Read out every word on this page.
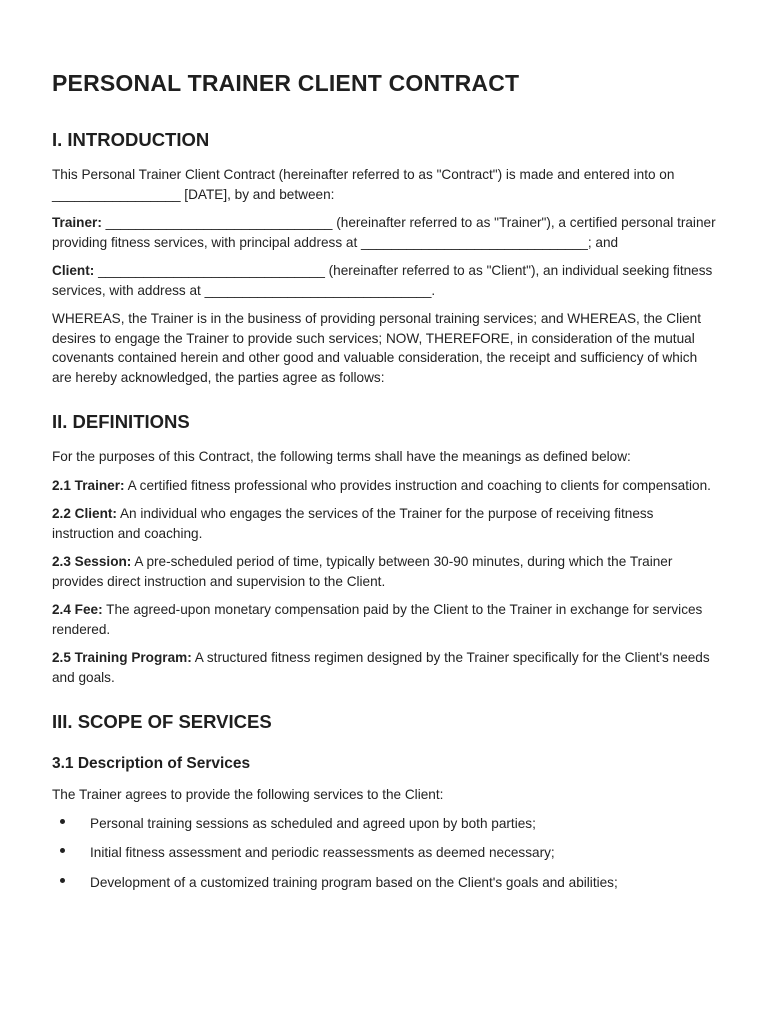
PERSONAL TRAINER CLIENT CONTRACT
I. INTRODUCTION

This Personal Trainer Client Contract (hereinafter referred to as "Contract") is made and entered into on _________________ [DATE], by and between:

Trainer: ______________________________ (hereinafter referred to as "Trainer"), a certified personal trainer providing fitness services, with principal address at ______________________________; and

Client: ______________________________ (hereinafter referred to as "Client"), an individual seeking fitness services, with address at ______________________________.

WHEREAS, the Trainer is in the business of providing personal training services; and WHEREAS, the Client desires to engage the Trainer to provide such services; NOW, THEREFORE, in consideration of the mutual covenants contained herein and other good and valuable consideration, the receipt and sufficiency of which are hereby acknowledged, the parties agree as follows:

II. DEFINITIONS

For the purposes of this Contract, the following terms shall have the meanings as defined below:

2.1 Trainer: A certified fitness professional who provides instruction and coaching to clients for compensation.

2.2 Client: An individual who engages the services of the Trainer for the purpose of receiving fitness instruction and coaching.

2.3 Session: A pre-scheduled period of time, typically between 30-90 minutes, during which the Trainer provides direct instruction and supervision to the Client.

2.4 Fee: The agreed-upon monetary compensation paid by the Client to the Trainer in exchange for services rendered.

2.5 Training Program: A structured fitness regimen designed by the Trainer specifically for the Client's needs and goals.

III. SCOPE OF SERVICES
3.1 Description of Services

The Trainer agrees to provide the following services to the Client:

Personal training sessions as scheduled and agreed upon by both parties;
Initial fitness assessment and periodic reassessments as deemed necessary;
Development of a customized training program based on the Client's goals and abilities;
